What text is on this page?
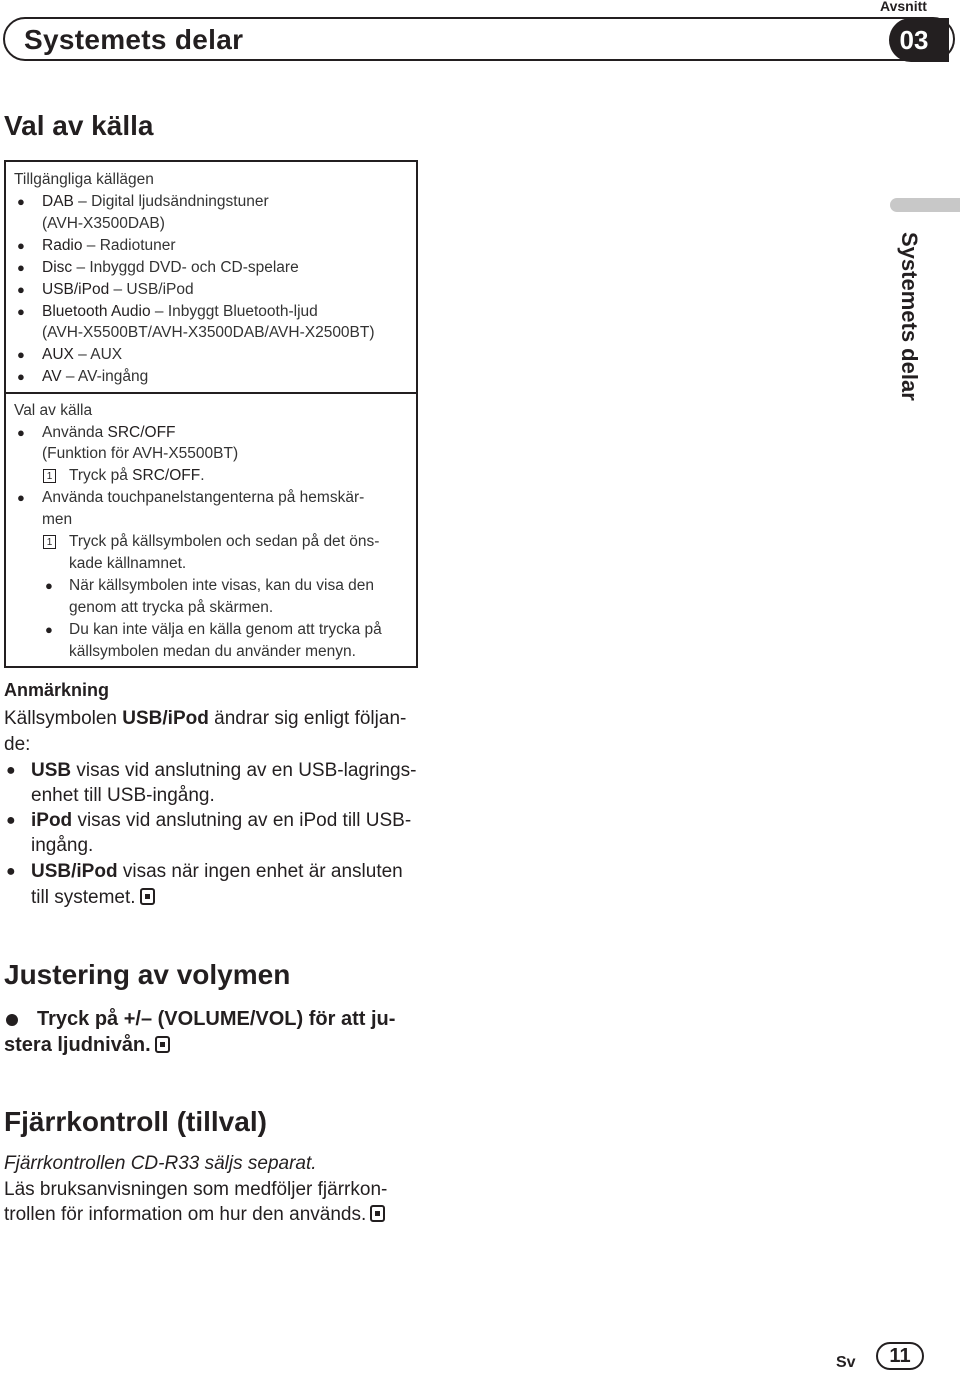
Systemets delar
Avsnitt
03
Systemets delar
Val av källa
Tillgängliga källägen
● DAB – Digital ljudsändningstuner
(AVH-X3500DAB)
● Radio – Radiotuner
● Disc – Inbyggd DVD- och CD-spelare
● USB/iPod – USB/iPod
● Bluetooth Audio – Inbyggt Bluetooth-ljud
(AVH-X5500BT/AVH-X3500DAB/AVH-X2500BT)
● AUX – AUX
● AV – AV-ingång
Val av källa
● Använda SRC/OFF
(Funktion för AVH-X5500BT)
1 Tryck på SRC/OFF.
● Använda touchpanelstangenterna på hemskär-
men
1 Tryck på källsymbolen och sedan på det öns-
kade källnamnet.
● När källsymbolen inte visas, kan du visa den
genom att trycka på skärmen.
● Du kan inte välja en källa genom att trycka på
källsymbolen medan du använder menyn.
Anmärkning
Källsymbolen USB/iPod ändrar sig enligt följan-
de:
● USB visas vid anslutning av en USB-lagrings-
enhet till USB-ingång.
● iPod visas vid anslutning av en iPod till USB-
ingång.
● USB/iPod visas när ingen enhet är ansluten
till systemet.
Justering av volymen
Tryck på +/– (VOLUME/VOL) för att ju-
stera ljudnivån.
Fjärrkontroll (tillval)
Fjärrkontrollen CD-R33 säljs separat.
Läs bruksanvisningen som medföljer fjärrkon-
trollen för information om hur den används.
Sv	11
